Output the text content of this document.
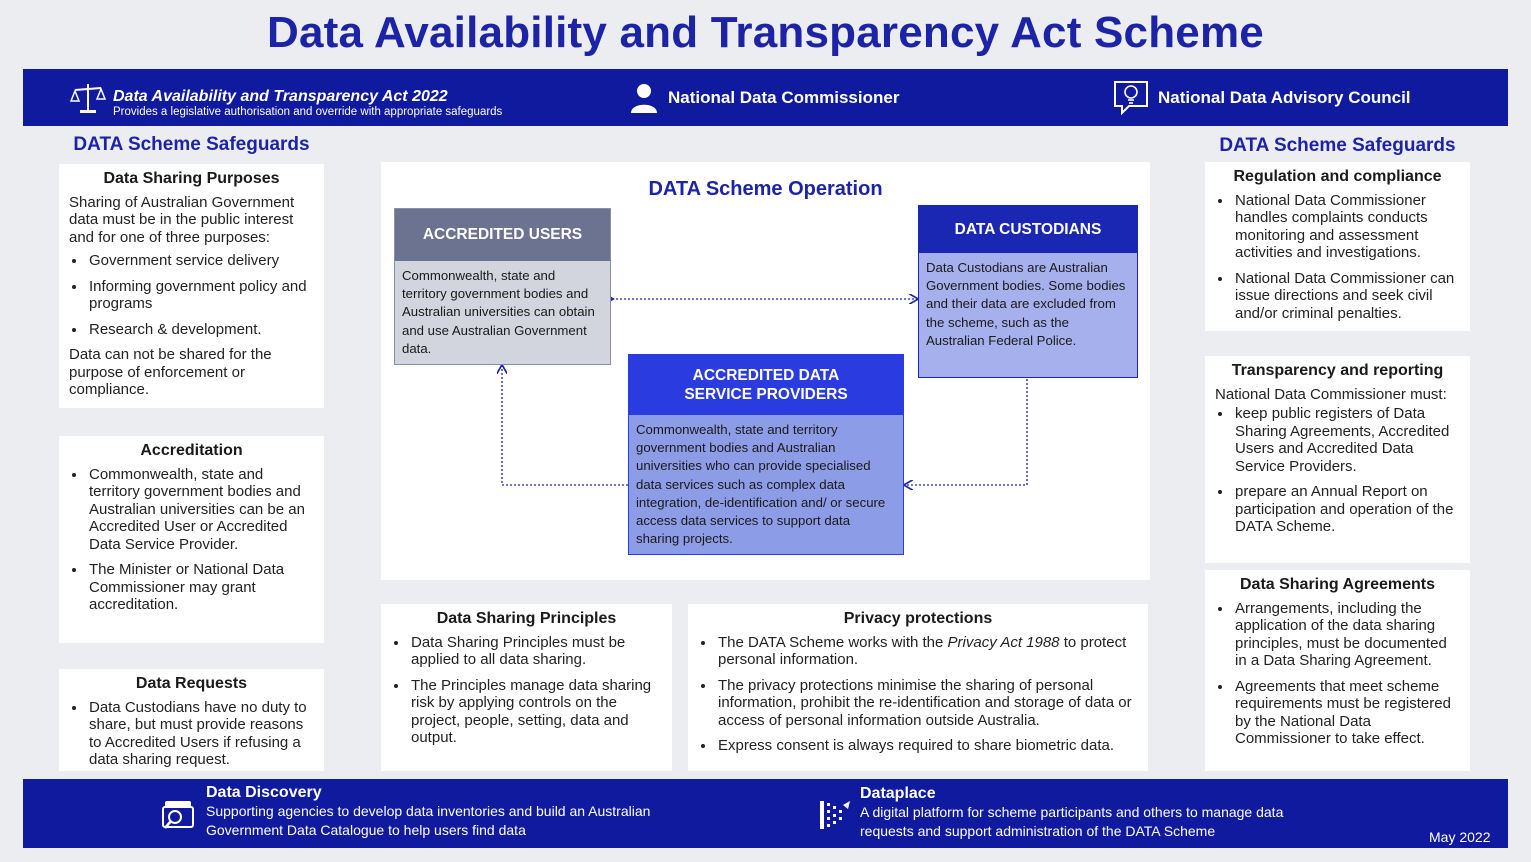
Data Availability and Transparency Act Scheme
Data Availability and Transparency Act 2022
Provides a legislative authorisation and override with appropriate safeguards
National Data Commissioner	National Data Advisory Council
DATA Scheme Safeguards
Data Sharing Purposes

Sharing of Australian Government data must be in the public interest and for one of three purposes:

• Government service delivery
• Informing government policy and programs
• Research & development.

Data can not be shared for the purpose of enforcement or compliance.

Accreditation
• Commonwealth, state and territory government bodies and Australian universities can be an Accredited User or Accredited Data Service Provider.
• The Minister or National Data Commissioner may grant accreditation.
Data Requests
• Data Custodians have no duty to share, but must provide reasons to Accredited Users if refusing a data sharing request.
DATA Scheme Operation
ACCREDITED USERS
Commonwealth, state and territory government bodies and Australian universities can obtain and use Australian Government data.
DATA CUSTODIANS
Data Custodians are Australian Government bodies. Some bodies and their data are excluded from the scheme, such as the Australian Federal Police.
ACCREDITED DATA SERVICE PROVIDERS
Commonwealth, state and territory government bodies and Australian universities who can provide specialised data services such as complex data integration, de-identification and/ or secure access data services to support data sharing projects.
Data Sharing Principles
• Data Sharing Principles must be applied to all data sharing.
• The Principles manage data sharing risk by applying controls on the project, people, setting, data and output.
Privacy protections
• The DATA Scheme works with the Privacy Act 1988 to protect personal information.
• The privacy protections minimise the sharing of personal information, prohibit the re-identification and storage of data or access of personal information outside Australia.
• Express consent is always required to share biometric data.
DATA Scheme Safeguards
Regulation and compliance
• National Data Commissioner handles complaints conducts monitoring and assessment activities and investigations.
• National Data Commissioner can issue directions and seek civil and/or criminal penalties.
Transparency and reporting

National Data Commissioner must:

• keep public registers of Data Sharing Agreements, Accredited Users and Accredited Data Service Providers.
• prepare an Annual Report on participation and operation of the DATA Scheme.
Data Sharing Agreements
• Arrangements, including the application of the data sharing principles, must be documented in a Data Sharing Agreement.
• Agreements that meet scheme requirements must be registered by the National Data Commissioner to take effect.
Data Discovery
Supporting agencies to develop data inventories and build an Australian Government Data Catalogue to help users find data
Dataplace
A digital platform for scheme participants and others to manage data requests and support administration of the DATA Scheme	May 2022
